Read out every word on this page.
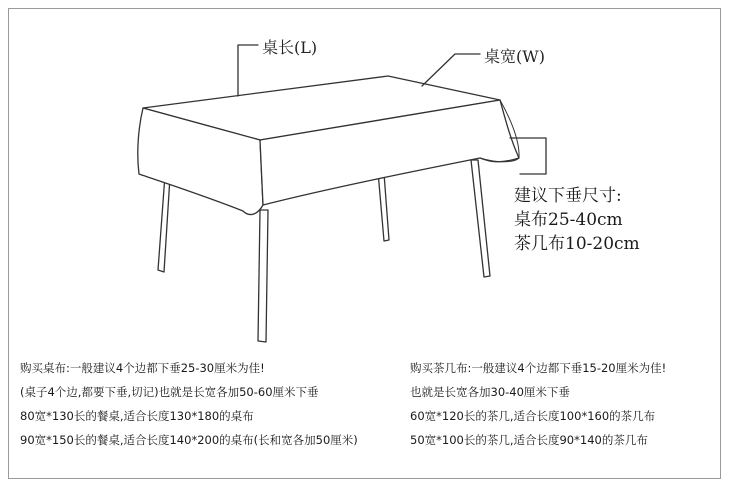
桌长(L)	桌宽(W)
建议下垂尺寸:
桌布25-40cm
茶几布10-20cm
购买桌布:一般建议4个边都下垂25-30厘米为佳!
(桌子4个边,都要下垂,切记)也就是长宽各加50-60厘米下垂
80宽*130长的餐桌,适合长度130*180的桌布
90宽*150长的餐桌,适合长度140*200的桌布(长和宽各加50厘米)
购买茶几布:一般建议4个边都下垂15-20厘米为佳!
也就是长宽各加30-40厘米下垂
60宽*120长的茶几,适合长度100*160的茶几布
50宽*100长的茶几,适合长度90*140的茶几布
